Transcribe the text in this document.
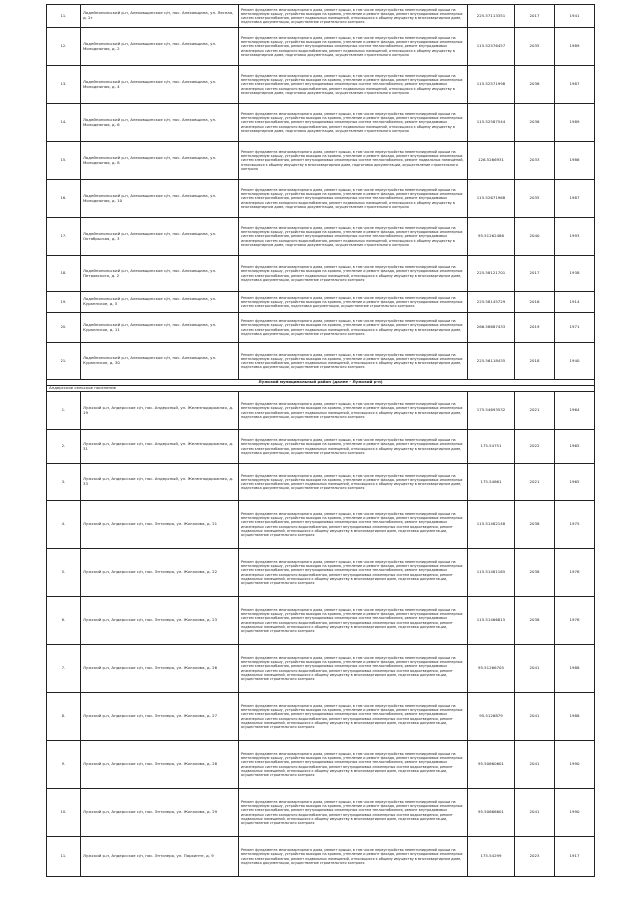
11.	Лодейнопольский р-н, Алеховщинское с/п, пос. Алеховщина, ул. Лесная, д. 2г	Ремонт фундамента многоквартирного дома, ремонт крыши, в том числе переустройство невентилируемой крыши на вентилируемую крышу, устройство выходов на кровлю, утепление и ремонт фасада, ремонт внутридомовых инженерных систем электроснабжения, ремонт подвальных помещений, относящихся к общему имуществу в многоквартирном доме, подготовка документации, осуществление строительного контроля	225.57113351	2017	1941
12.	Лодейнопольский р-н, Алеховщинское с/п, пос. Алеховщина, ул. Молодежная, д. 2	Ремонт фундамента многоквартирного дома, ремонт крыши, в том числе переустройство невентилируемой крыши на вентилируемую крышу, устройство выходов на кровлю, утепление и ремонт фасада, ремонт внутридомовых инженерных систем электроснабжения, ремонт внутридомовых инженерных систем теплоснабжения, ремонт внутридомовых инженерных систем холодного водоснабжения, ремонт подвальных помещений, относящихся к общему имуществу в многоквартирном доме, подготовка документации, осуществление строительного контроля	115.52576457	2035	1989
13.	Лодейнопольский р-н, Алеховщинское с/п, пос. Алеховщина, ул. Молодежная, д. 4	Ремонт фундамента многоквартирного дома, ремонт крыши, в том числе переустройство невентилируемой крыши на вентилируемую крышу, устройство выходов на кровлю, утепление и ремонт фасада, ремонт внутридомовых инженерных систем электроснабжения, ремонт внутридомовых инженерных систем теплоснабжения, ремонт внутридомовых инженерных систем холодного водоснабжения, ремонт подвальных помещений, относящихся к общему имуществу в многоквартирном доме, подготовка документации, осуществление строительного контроля	115.52571998	2036	1987
14.	Лодейнопольский р-н, Алеховщинское с/п, пос. Алеховщина, ул. Молодежная, д. 6	Ремонт фундамента многоквартирного дома, ремонт крыши, в том числе переустройство невентилируемой крыши на вентилируемую крышу, устройство выходов на кровлю, утепление и ремонт фасада, ремонт внутридомовых инженерных систем электроснабжения, ремонт внутридомовых инженерных систем теплоснабжения, ремонт внутридомовых инженерных систем холодного водоснабжения, ремонт подвальных помещений, относящихся к общему имуществу в многоквартирном доме, подготовка документации, осуществление строительного контроля	115.52587544	2036	1989
15.	Лодейнопольский р-н, Алеховщинское с/п, пос. Алеховщина, ул. Молодежная, д. 8	Ремонт фундамента многоквартирного дома, ремонт крыши, в том числе переустройство невентилируемой крыши на вентилируемую крышу, устройство выходов на кровлю, утепление и ремонт фасада, ремонт внутридомовых инженерных систем электроснабжения, ремонт внутридомовых инженерных систем теплоснабжения, ремонт подвальных помещений, относящихся к общему имуществу в многоквартирном доме, подготовка документации, осуществление строительного контроля	126.5266931	2033	1986
16.	Лодейнопольский р-н, Алеховщинское с/п, пос. Алеховщина, ул. Молодежная, д. 10	Ремонт фундамента многоквартирного дома, ремонт крыши, в том числе переустройство невентилируемой крыши на вентилируемую крышу, устройство выходов на кровлю, утепление и ремонт фасада, ремонт внутридомовых инженерных систем электроснабжения, ремонт внутридомовых инженерных систем теплоснабжения, ремонт внутридомовых инженерных систем холодного водоснабжения, ремонт подвальных помещений, относящихся к общему имуществу в многоквартирном доме, подготовка документации, осуществление строительного контроля	115.52671968	2035	1987
17.	Лодейнопольский р-н, Алеховщинское с/п, пос. Алеховщина, ул. Октябрьская, д. 3	Ремонт фундамента многоквартирного дома, ремонт крыши, в том числе переустройство невентилируемой крыши на вентилируемую крышу, устройство выходов на кровлю, утепление и ремонт фасада, ремонт внутридомовых инженерных систем электроснабжения, ремонт внутридомовых инженерных систем теплоснабжения, ремонт внутридомовых инженерных систем холодного водоснабжения, ремонт подвальных помещений, относящихся к общему имуществу в многоквартирном доме, подготовка документации, осуществление строительного контроля	95.51262486	2040	1993
18.	Лодейнопольский р-н, Алеховщинское с/п, пос. Алеховщина, ул. Петровского, д. 2	Ремонт фундамента многоквартирного дома, ремонт крыши, в том числе переустройство невентилируемой крыши на вентилируемую крышу, устройство выходов на кровлю, утепление и ремонт фасада, ремонт внутридомовых инженерных систем электроснабжения, ремонт подвальных помещений, относящихся к общему имуществу в многоквартирном доме, подготовка документации, осуществление строительного контроля	225.58121701	2017	1938
19.	Лодейнопольский р-н, Алеховщинское с/п, пос. Алеховщина, ул. Кураннское, д. 5	Ремонт фундамента многоквартирного дома, ремонт крыши, в том числе переустройство невентилируемой крыши на вентилируемую крышу, устройство выходов на кровлю, утепление и ремонт фасада, ремонт внутридомовых инженерных систем электроснабжения, подготовка документации, осуществление строительного контроля	225.58145729	2016	1914
20.	Лодейнопольский р-н, Алеховщинское с/п, пос. Алеховщина, ул. Кураннское, д. 11	Ремонт фундамента многоквартирного дома, ремонт крыши, в том числе переустройство невентилируемой крыши на вентилируемую крышу, устройство выходов на кровлю, утепление и ремонт фасада, ремонт внутридомовых инженерных систем электроснабжения, ремонт подвальных помещений, относящихся к общему имуществу в многоквартирном доме, подготовка документации, осуществление строительного контроля	266.58687433	2019	1971
21.	Лодейнопольский р-н, Алеховщинское с/п, пос. Алеховщина, ул. Кураннское, д. 30	Ремонт фундамента многоквартирного дома, ремонт крыши, в том числе переустройство невентилируемой крыши на вентилируемую крышу, устройство выходов на кровлю, утепление и ремонт фасада, ремонт внутридомовых инженерных систем электроснабжения, ремонт подвальных помещений, относящихся к общему имуществу в многоквартирном доме, подготовка документации, осуществление строительного контроля	225.56118435	2018	1940
Лужский муниципальный район (далее - Лужский р-н)					
Андерсское сельское поселение					
1.	Лужский р-н, Андерсское с/п, пос. Андерсный, ул. Железнодорожная, д. 19	Ремонт фундамента многоквартирного дома, ремонт крыши, в том числе переустройство невентилируемой крыши на вентилируемую крышу, устройство выходов на кровлю, утепление и ремонт фасада, ремонт внутридомовых инженерных систем электроснабжения, ремонт подвальных помещений, относящихся к общему имуществу в многоквартирном доме, подготовка документации, осуществление строительного контроля	175.54693532	2021	1964
2.	Лужский р-н, Андерсское с/п, пос. Андерсный, ул. Железнодорожная, д. 31	Ремонт фундамента многоквартирного дома, ремонт крыши, в том числе переустройство невентилируемой крыши на вентилируемую крышу, устройство выходов на кровлю, утепление и ремонт фасада, ремонт внутридомовых инженерных систем электроснабжения, ремонт подвальных помещений, относящихся к общему имуществу в многоквартирном доме, подготовка документации, осуществление строительного контроля	175.54751	2022	1965
3.	Лужский р-н, Андерсское с/п, пос. Андерсный, ул. Железнодорожная, д. 33	Ремонт фундамента многоквартирного дома, ремонт крыши, в том числе переустройство невентилируемой крыши на вентилируемую крышу, устройство выходов на кровлю, утепление и ремонт фасада, ремонт внутридомовых инженерных систем электроснабжения, ремонт подвальных помещений, относящихся к общему имуществу в многоквартирном доме, подготовка документации, осуществление строительного контроля	175.54661	2021	1965
4.	Лужский р-н, Андерсское с/п, пос. Энтозеро, ул. Жигалова, д. 21	Ремонт фундамента многоквартирного дома, ремонт крыши, в том числе переустройство невентилируемой крыши на вентилируемую крышу, устройство выходов на кровлю, утепление и ремонт фасада, ремонт внутридомовых инженерных систем электроснабжения, ремонт внутридомовых инженерных систем теплоснабжения, ремонт внутридомовых инженерных систем холодного водоснабжения, ремонт внутридомовых инженерных систем водоотведения, ремонт подвальных помещений, относящихся к общему имуществу в многоквартирном доме, подготовка документации, осуществление строительного контроля	115.51482148	2038	1975
5.	Лужский р-н, Андерсское с/п, пос. Энтозеро, ул. Жигалова, д. 22	Ремонт фундамента многоквартирного дома, ремонт крыши, в том числе переустройство невентилируемой крыши на вентилируемую крышу, устройство выходов на кровлю, утепление и ремонт фасада, ремонт внутридомовых инженерных систем электроснабжения, ремонт внутридомовых инженерных систем теплоснабжения, ремонт внутридомовых инженерных систем холодного водоснабжения, ремонт внутридомовых инженерных систем водоотведения, ремонт подвальных помещений, относящихся к общему имуществу в многоквартирном доме, подготовка документации, осуществление строительного контроля	115.51481165	2038	1976
6.	Лужский р-н, Андерсское с/п, пос. Энтозеро, ул. Жигалова, д. 23	Ремонт фундамента многоквартирного дома, ремонт крыши, в том числе переустройство невентилируемой крыши на вентилируемую крышу, устройство выходов на кровлю, утепление и ремонт фасада, ремонт внутридомовых инженерных систем электроснабжения, ремонт внутридомовых инженерных систем теплоснабжения, ремонт внутридомовых инженерных систем холодного водоснабжения, ремонт внутридомовых инженерных систем водоотведения, ремонт подвальных помещений, относящихся к общему имуществу в многоквартирном доме, подготовка документации, осуществление строительного контроля	115.51466815	2038	1976
7.	Лужский р-н, Андерсское с/п, пос. Энтозеро, ул. Жигалова, д. 26	Ремонт фундамента многоквартирного дома, ремонт крыши, в том числе переустройство невентилируемой крыши на вентилируемую крышу, устройство выходов на кровлю, утепление и ремонт фасада, ремонт внутридомовых инженерных систем электроснабжения, ремонт внутридомовых инженерных систем теплоснабжения, ремонт внутридомовых инженерных систем холодного водоснабжения, ремонт внутридомовых инженерных систем водоотведения, ремонт подвальных помещений, относящихся к общему имуществу в многоквартирном доме, подготовка документации, осуществление строительного контроля	95.51266705	2041	1988
8.	Лужский р-н, Андерсское с/п, пос. Энтозеро, ул. Жигалова, д. 27	Ремонт фундамента многоквартирного дома, ремонт крыши, в том числе переустройство невентилируемой крыши на вентилируемую крышу, устройство выходов на кровлю, утепление и ремонт фасада, ремонт внутридомовых инженерных систем электроснабжения, ремонт внутридомовых инженерных систем теплоснабжения, ремонт внутридомовых инженерных систем холодного водоснабжения, ремонт внутридомовых инженерных систем водоотведения, ремонт подвальных помещений, относящихся к общему имуществу в многоквартирном доме, подготовка документации, осуществление строительного контроля	95.5126879	2041	1988
9.	Лужский р-н, Андерсское с/п, пос. Энтозеро, ул. Жигалова, д. 28	Ремонт фундамента многоквартирного дома, ремонт крыши, в том числе переустройство невентилируемой крыши на вентилируемую крышу, устройство выходов на кровлю, утепление и ремонт фасада, ремонт внутридомовых инженерных систем электроснабжения, ремонт внутридомовых инженерных систем теплоснабжения, ремонт внутридомовых инженерных систем холодного водоснабжения, ремонт внутридомовых инженерных систем водоотведения, ремонт подвальных помещений, относящихся к общему имуществу в многоквартирном доме, подготовка документации, осуществление строительного контроля	95.50660601	2041	1990
10.	Лужский р-н, Андерсское с/п, пос. Энтозеро, ул. Жигалова, д. 29	Ремонт фундамента многоквартирного дома, ремонт крыши, в том числе переустройство невентилируемой крыши на вентилируемую крышу, устройство выходов на кровлю, утепление и ремонт фасада, ремонт внутридомовых инженерных систем электроснабжения, ремонт внутридомовых инженерных систем теплоснабжения, ремонт внутридомовых инженерных систем холодного водоснабжения, ремонт внутридомовых инженерных систем водоотведения, ремонт подвальных помещений, относящихся к общему имуществу в многоквартирном доме, подготовка документации, осуществление строительного контроля	95.50666601	2041	1990
11.	Лужский р-н, Андерсское с/п, пос. Энтозеро, ул. Пархинте, д. 9	Ремонт фундамента многоквартирного дома, ремонт крыши, в том числе переустройство невентилируемой крыши на вентилируемую крышу, устройство выходов на кровлю, утепление и ремонт фасада, ремонт внутридомовых инженерных систем электроснабжения, ремонт подвальных помещений, относящихся к общему имуществу в многоквартирном доме, подготовка документации, осуществление строительного контроля	175.54299	2023	1917
